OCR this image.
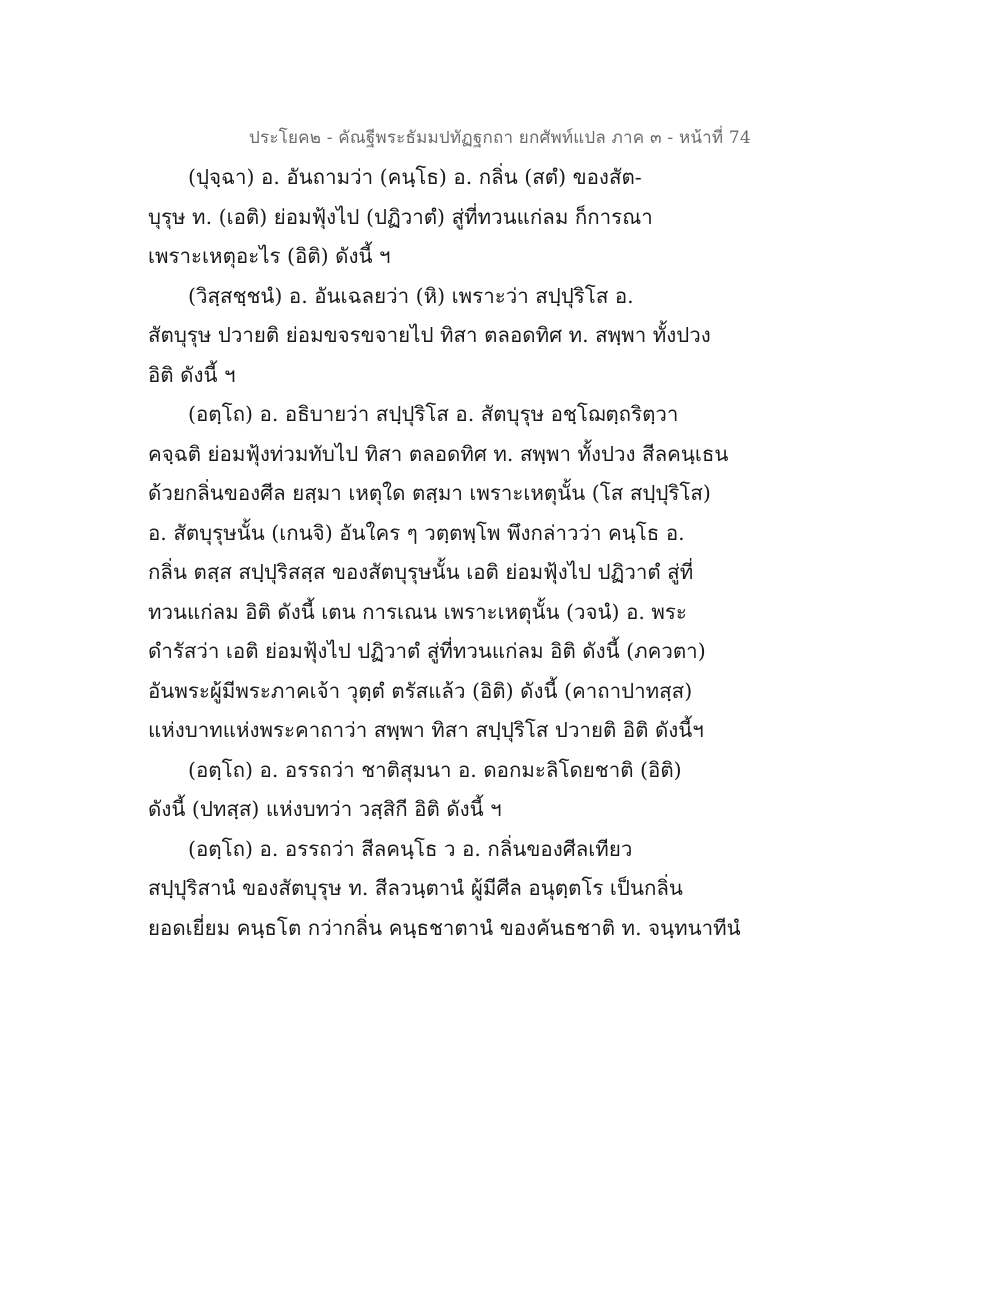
ประโยค๒ - คัณฐีพระธัมมปทัฏฐกถา ยกศัพท์แปล ภาค ๓ - หน้าที่ 74
(ปุจฺฉา) อ. อันถามว่า (คนฺโธ) อ. กลิ่น (สตํ) ของสัต-
บุรุษ ท. (เอติ) ย่อมฟุ้งไป (ปฏิวาตํ) สู่ที่ทวนแก่ลม ก็การณา
เพราะเหตุอะไร (อิติ) ดังนี้ ฯ
(วิสฺสชฺชนํ) อ. อันเฉลยว่า (หิ) เพราะว่า สปฺปุริโส อ.
สัตบุรุษ ปวายติ ย่อมขจรขจายไป ทิสา ตลอดทิศ ท. สพฺพา ทั้งปวง
อิติ ดังนี้ ฯ
(อตฺโถ) อ. อธิบายว่า สปฺปุริโส อ. สัตบุรุษ อชฺโฌตฺถริตฺวา
คจฺฉติ ย่อมฟุ้งท่วมทับไป ทิสา ตลอดทิศ ท. สพฺพา ทั้งปวง สีลคนฺเธน
ด้วยกลิ่นของศีล ยสฺมา เหตุใด ตสฺมา เพราะเหตุนั้น (โส สปฺปุริโส)
อ. สัตบุรุษนั้น (เกนจิ) อันใคร ๆ วตฺตพฺโพ พึงกล่าวว่า คนฺโธ อ.
กลิ่น ตสฺส สปฺปุริสสฺส ของสัตบุรุษนั้น เอติ ย่อมฟุ้งไป ปฏิวาตํ สู่ที่
ทวนแก่ลม อิติ ดังนี้ เตน การเณน เพราะเหตุนั้น (วจนํ) อ. พระ
ดำรัสว่า เอติ ย่อมฟุ้งไป ปฏิวาตํ สู่ที่ทวนแก่ลม อิติ ดังนี้ (ภควตา)
อันพระผู้มีพระภาคเจ้า วุตฺตํ ตรัสแล้ว (อิติ) ดังนี้ (คาถาปาทสฺส)
แห่งบาทแห่งพระคาถาว่า สพฺพา ทิสา สปฺปุริโส ปวายติ อิติ ดังนี้ฯ
(อตฺโถ) อ. อรรถว่า ชาติสุมนา อ. ดอกมะลิโดยชาติ (อิติ)
ดังนี้ (ปทสฺส) แห่งบทว่า วสฺสิกี อิติ ดังนี้ ฯ
(อตฺโถ) อ. อรรถว่า สีลคนฺโธ ว อ. กลิ่นของศีลเทียว
สปฺปุริสานํ ของสัตบุรุษ ท. สีลวนฺตานํ ผู้มีศีล อนุตฺตโร เป็นกลิ่น
ยอดเยี่ยม คนฺธโต กว่ากลิ่น คนฺธชาตานํ ของคันธชาติ ท. จนฺทนาทีนํ
